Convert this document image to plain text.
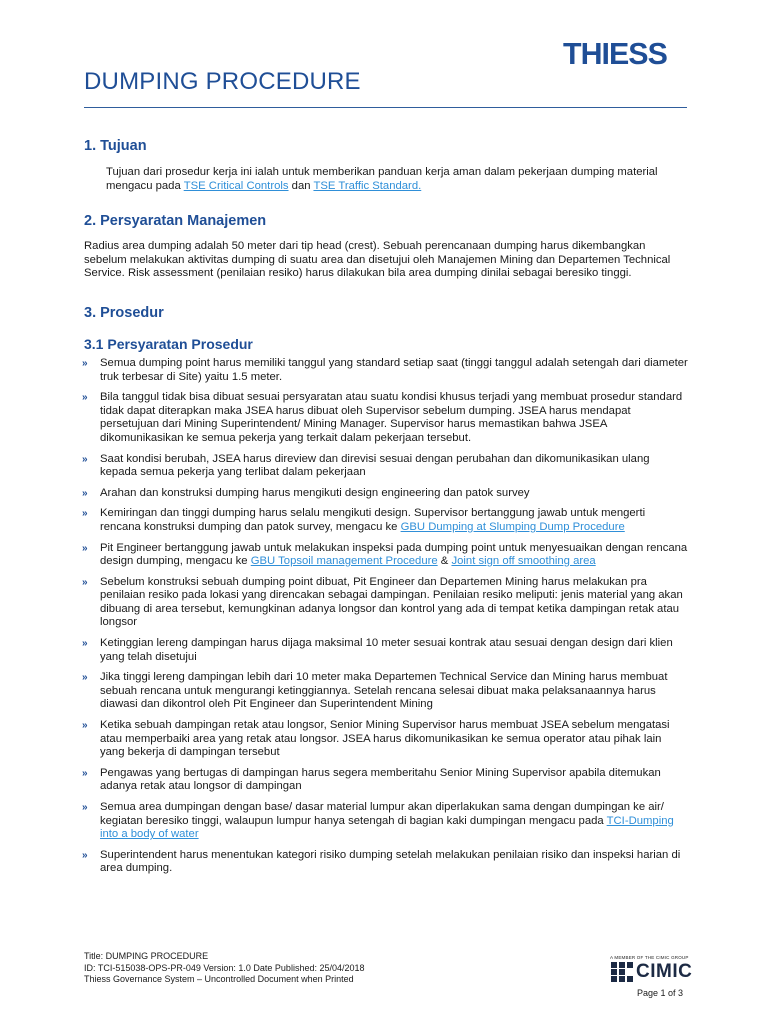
THIESS
DUMPING PROCEDURE
1. Tujuan

Tujuan dari prosedur kerja ini ialah untuk memberikan panduan kerja aman dalam pekerjaan dumping material mengacu pada TSE Critical Controls dan TSE Traffic Standard.

2. Persyaratan Manajemen

Radius area dumping adalah 50 meter dari tip head (crest). Sebuah perencanaan dumping harus dikembangkan sebelum melakukan aktivitas dumping di suatu area dan disetujui oleh Manajemen Mining dan Departemen Technical Service. Risk assessment (penilaian resiko) harus dilakukan bila area dumping dinilai sebagai beresiko tinggi.

3. Prosedur
3.1 Persyaratan Prosedur
» Semua dumping point harus memiliki tanggul yang standard setiap saat (tinggi tanggul adalah setengah dari diameter truk terbesar di Site) yaitu 1.5 meter.
» Bila tanggul tidak bisa dibuat sesuai persyaratan atau suatu kondisi khusus terjadi yang membuat prosedur standard tidak dapat diterapkan maka JSEA harus dibuat oleh Supervisor sebelum dumping. JSEA harus mendapat persetujuan dari Mining Superintendent/ Mining Manager. Supervisor harus memastikan bahwa JSEA dikomunikasikan ke semua pekerja yang terkait dalam pekerjaan tersebut.
» Saat kondisi berubah, JSEA harus direview dan direvisi sesuai dengan perubahan dan dikomunikasikan ulang kepada semua pekerja yang terlibat dalam pekerjaan
» Arahan dan konstruksi dumping harus mengikuti design engineering dan patok survey
» Kemiringan dan tinggi dumping harus selalu mengikuti design. Supervisor bertanggung jawab untuk mengerti rencana konstruksi dumping dan patok survey, mengacu ke GBU Dumping at Slumping Dump Procedure
» Pit Engineer bertanggung jawab untuk melakukan inspeksi pada dumping point untuk menyesuaikan dengan rencana design dumping, mengacu ke GBU Topsoil management Procedure & Joint sign off smoothing area
» Sebelum konstruksi sebuah dumping point dibuat, Pit Engineer dan Departemen Mining harus melakukan pra penilaian resiko pada lokasi yang direncakan sebagai dampingan. Penilaian resiko meliputi: jenis material yang akan dibuang di area tersebut, kemungkinan adanya longsor dan kontrol yang ada di tempat ketika dampingan retak atau longsor
» Ketinggian lereng dampingan harus dijaga maksimal 10 meter sesuai kontrak atau sesuai dengan design dari klien yang telah disetujui
» Jika tinggi lereng dampingan lebih dari 10 meter maka Departemen Technical Service dan Mining harus membuat sebuah rencana untuk mengurangi ketinggiannya. Setelah rencana selesai dibuat maka pelaksanaannya harus diawasi dan dikontrol oleh Pit Engineer dan Superintendent Mining
» Ketika sebuah dampingan retak atau longsor, Senior Mining Supervisor harus membuat JSEA sebelum mengatasi atau memperbaiki area yang retak atau longsor. JSEA harus dikomunikasikan ke semua operator atau pihak lain yang bekerja di dampingan tersebut
» Pengawas yang bertugas di dampingan harus segera memberitahu Senior Mining Supervisor apabila ditemukan adanya retak atau longsor di dampingan
» Semua area dumpingan dengan base/ dasar material lumpur akan diperlakukan sama dengan dumpingan ke air/ kegiatan beresiko tinggi, walaupun lumpur hanya setengah di bagian kaki dumpingan mengacu pada TCI-Dumping into a body of water
» Superintendent harus menentukan kategori risiko dumping setelah melakukan penilaian risiko dan inspeksi harian di area dumping.
Title: DUMPING PROCEDURE
ID: TCI-515038-OPS-PR-049 Version: 1.0 Date Published: 25/04/2018
Thiess Governance System – Uncontrolled Document when Printed
A MEMBER OF THE CIMIC GROUP
CIMIC
Page 1 of 3
